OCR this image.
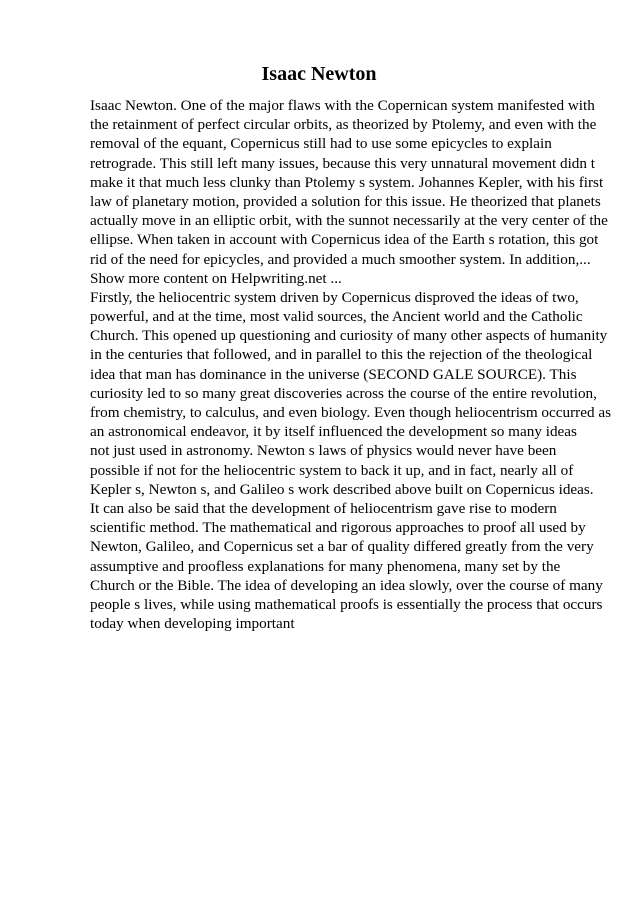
Isaac Newton
Isaac Newton. One of the major flaws with the Copernican system manifested with
the retainment of perfect circular orbits, as theorized by Ptolemy, and even with the
removal of the equant, Copernicus still had to use some epicycles to explain
retrograde. This still left many issues, because this very unnatural movement didn t
make it that much less clunky than Ptolemy s system. Johannes Kepler, with his first
law of planetary motion, provided a solution for this issue. He theorized that planets
actually move in an elliptic orbit, with the sunnot necessarily at the very center of the
ellipse. When taken in account with Copernicus idea of the Earth s rotation, this got
rid of the need for epicycles, and provided a much smoother system. In addition,...
Show more content on Helpwriting.net ...
Firstly, the heliocentric system driven by Copernicus disproved the ideas of two,
powerful, and at the time, most valid sources, the Ancient world and the Catholic
Church. This opened up questioning and curiosity of many other aspects of humanity
in the centuries that followed, and in parallel to this the rejection of the theological
idea that man has dominance in the universe (SECOND GALE SOURCE). This
curiosity led to so many great discoveries across the course of the entire revolution,
from chemistry, to calculus, and even biology. Even though heliocentrism occurred as
an astronomical endeavor, it by itself influenced the development so many ideas
not just used in astronomy. Newton s laws of physics would never have been
possible if not for the heliocentric system to back it up, and in fact, nearly all of
Kepler s, Newton s, and Galileo s work described above built on Copernicus ideas.
It can also be said that the development of heliocentrism gave rise to modern
scientific method. The mathematical and rigorous approaches to proof all used by
Newton, Galileo, and Copernicus set a bar of quality differed greatly from the very
assumptive and proofless explanations for many phenomena, many set by the
Church or the Bible. The idea of developing an idea slowly, over the course of many
people s lives, while using mathematical proofs is essentially the process that occurs
today when developing important
